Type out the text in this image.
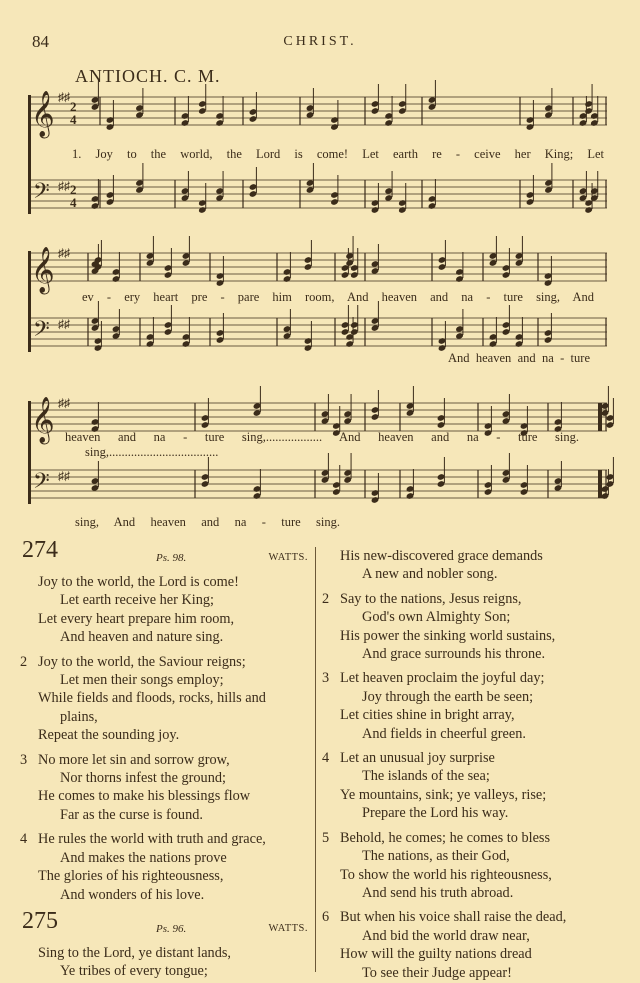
84	CHRIST.
ANTIOCH. C. M.
𝄞 ♯♯
2
4
𝄢 ♯♯ 2
4
𝄞 ♯♯
𝄢 ♯♯
𝄞 ♯♯
𝄢 ♯♯
1. Joy to the world, the Lord is come! Let earth re - ceive her King; Let
ev - ery heart pre - pare him room, And heaven and na - ture sing, And
And heaven and na - ture
heaven and na - ture sing,.................. And heaven and na - ture sing.
sing,...................................
sing, And heaven and na - ture sing.
274	Ps. 98.	WATTS.
Joy to the world, the Lord is come!
Let earth receive her King;
Let every heart prepare him room,
And heaven and nature sing.
2 Joy to the world, the Saviour reigns;
Let men their songs employ;
While fields and floods, rocks, hills and
plains,
Repeat the sounding joy.
3 No more let sin and sorrow grow,
Nor thorns infest the ground;
He comes to make his blessings flow
Far as the curse is found.
4 He rules the world with truth and grace,
And makes the nations prove
The glories of his righteousness,
And wonders of his love.
275	Ps. 96.	WATTS.
Sing to the Lord, ye distant lands,
Ye tribes of every tongue;
His new-discovered grace demands
A new and nobler song.
2 Say to the nations, Jesus reigns,
God's own Almighty Son;
His power the sinking world sustains,
And grace surrounds his throne.
3 Let heaven proclaim the joyful day;
Joy through the earth be seen;
Let cities shine in bright array,
And fields in cheerful green.
4 Let an unusual joy surprise
The islands of the sea;
Ye mountains, sink; ye valleys, rise;
Prepare the Lord his way.
5 Behold, he comes; he comes to bless
The nations, as their God,
To show the world his righteousness,
And send his truth abroad.
6 But when his voice shall raise the dead,
And bid the world draw near,
How will the guilty nations dread
To see their Judge appear!
